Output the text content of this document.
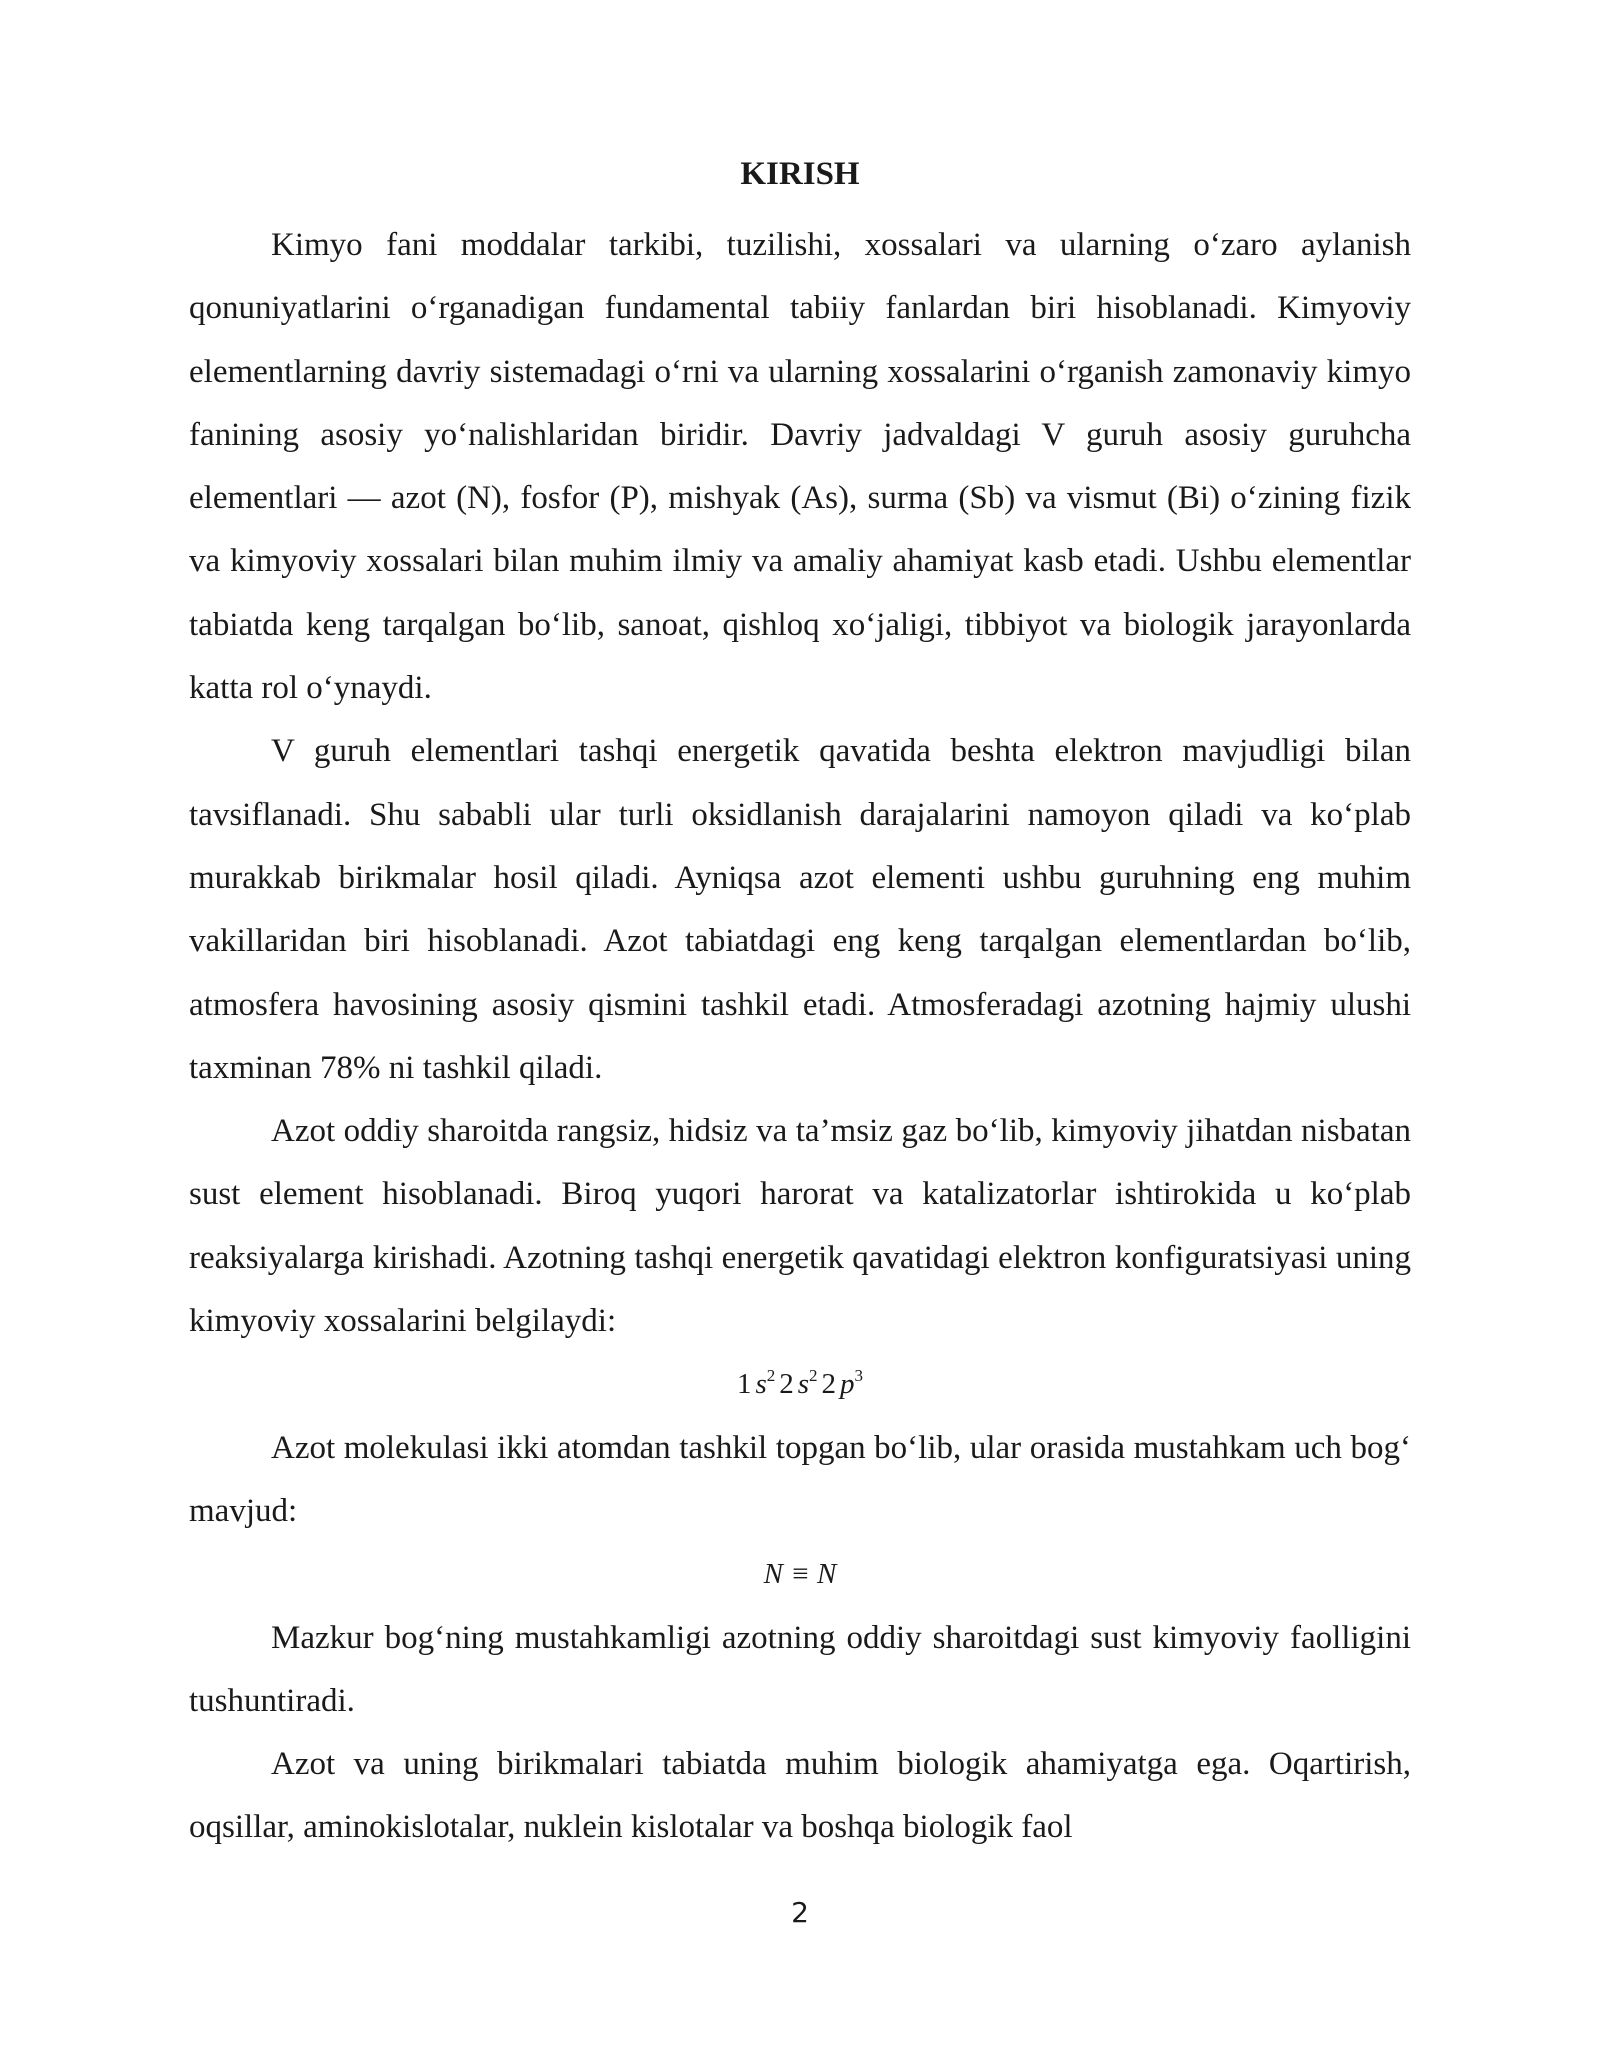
KIRISH

Kimyo fani moddalar tarkibi, tuzilishi, xossalari va ularning o‘zaro aylanish qonuniyatlarini o‘rganadigan fundamental tabiiy fanlardan biri hisoblanadi. Kimyoviy elementlarning davriy sistemadagi o‘rni va ularning xossalarini o‘rganish zamonaviy kimyo fanining asosiy yo‘nalishlaridan biridir. Davriy jadvaldagi V guruh asosiy guruhcha elementlari — azot (N), fosfor (P), mishyak (As), surma (Sb) va vismut (Bi) o‘zining fizik va kimyoviy xossalari bilan muhim ilmiy va amaliy ahamiyat kasb etadi. Ushbu elementlar tabiatda keng tarqalgan bo‘lib, sanoat, qishloq xo‘jaligi, tibbiyot va biologik jarayonlarda katta rol o‘ynaydi.

V guruh elementlari tashqi energetik qavatida beshta elektron mavjudligi bilan tavsiflanadi. Shu sababli ular turli oksidlanish darajalarini namoyon qiladi va ko‘plab murakkab birikmalar hosil qiladi. Ayniqsa azot elementi ushbu guruhning eng muhim vakillaridan biri hisoblanadi. Azot tabiatdagi eng keng tarqalgan elementlardan bo‘lib, atmosfera havosining asosiy qismini tashkil etadi. Atmosferadagi azotning hajmiy ulushi taxminan 78% ni tashkil qiladi.

Azot oddiy sharoitda rangsiz, hidsiz va ta’msiz gaz bo‘lib, kimyoviy jihatdan nisbatan sust element hisoblanadi. Biroq yuqori harorat va katalizatorlar ishtirokida u ko‘plab reaksiyalarga kirishadi. Azotning tashqi energetik qavatidagi elektron konfiguratsiyasi uning kimyoviy xossalarini belgilaydi:

1 $s^2$ 2 $s^2$ 2 $p^3$

Azot molekulasi ikki atomdan tashkil topgan bo‘lib, ular orasida mustahkam uch bog‘ mavjud:

N ≡ N

Mazkur bog‘ning mustahkamligi azotning oddiy sharoitdagi sust kimyoviy faolligini tushuntiradi.

Azot va uning birikmalari tabiatda muhim biologik ahamiyatga ega. Oqartirish, oqsillar, aminokislotalar, nuklein kislotalar va boshqa biologik faol

2
